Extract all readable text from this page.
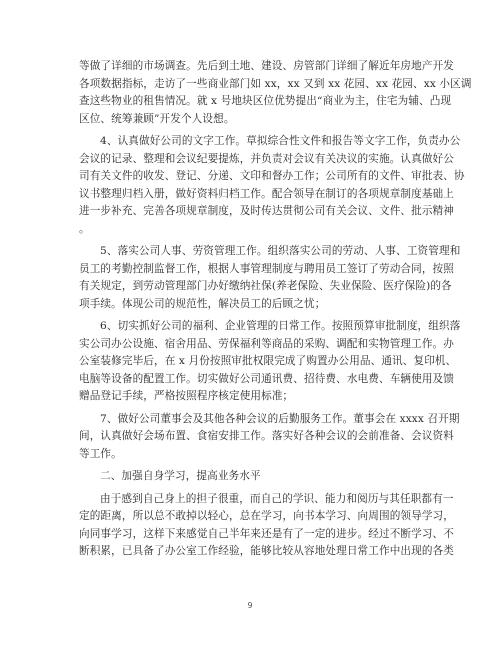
等做了详细的市场调查。先后到土地、建设、房管部门详细了解近年房地产开发
各项数据指标，走访了一些商业部门如 xx，xx 又到 xx 花园、xx 花园、xx 小区调
查这些物业的租售情况。就 x 号地块区位优势提出“商业为主，住宅为辅、凸现
区位、统筹兼顾”开发个人设想。
4、认真做好公司的文字工作。草拟综合性文件和报告等文字工作，负责办公
会议的记录、整理和会议纪要提炼，并负责对会议有关决议的实施。认真做好公
司有关文件的收发、登记、分递、文印和督办工作；公司所有的文件、审批表、协
议书整理归档入册，做好资料归档工作。配合领导在制订的各项规章制度基础上
进一步补充、完善各项规章制度，及时传达贯彻公司有关会议、文件、批示精神
。
5、落实公司人事、劳资管理工作。组织落实公司的劳动、人事、工资管理和
员工的考勤控制监督工作，根据人事管理制度与聘用员工签订了劳动合同，按照
有关规定，到劳动管理部门办好缴纳社保(养老保险、失业保险、医疗保险)的各
项手续。体现公司的规范性，解决员工的后顾之忧；
6、切实抓好公司的福利、企业管理的日常工作。按照预算审批制度，组织落
实公司办公设施、宿舍用品、劳保福利等商品的采购、调配和实物管理工作。办
公室装修完毕后，在 x 月份按照审批权限完成了购置办公用品、通讯、复印机、
电脑等设备的配置工作。切实做好公司通讯费、招待费、水电费、车辆使用及馈
赠品登记手续，严格按照程序核定使用标准；
7、做好公司董事会及其他各种会议的后勤服务工作。董事会在 xxxx 召开期
间，认真做好会场布置、食宿安排工作。落实好各种会议的会前准备、会议资料
等工作。
二、加强自身学习，提高业务水平
由于感到自己身上的担子很重，而自己的学识、能力和阅历与其任职都有一
定的距离，所以总不敢掉以轻心，总在学习，向书本学习、向周围的领导学习，
向同事学习，这样下来感觉自己半年来还是有了一定的进步。经过不断学习、不
断积累，已具备了办公室工作经验，能够比较从容地处理日常工作中出现的各类
9
